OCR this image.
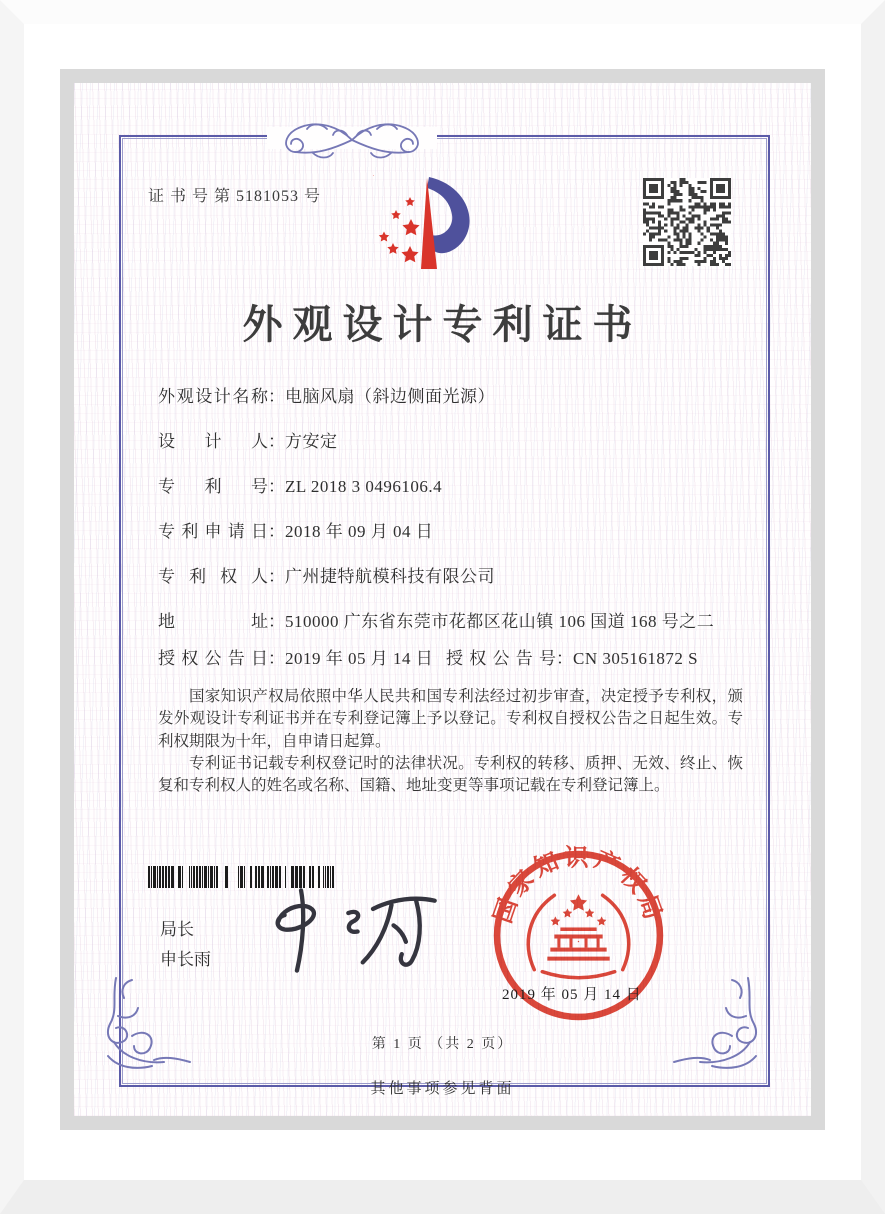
证 书 号 第 5181053 号
外观设计专利证书
外观设计名称：电脑风扇（斜边侧面光源）
设 计 人：方安定
专 利 号：ZL 2018 3 0496106.4
专利申请日：2018 年 09 月 04 日
专 利 权 人：广州捷特航模科技有限公司
地 址：510000 广东省东莞市花都区花山镇 106 国道 168 号之二
授权公告日：2019 年 05 月 14 日 授权公告号：CN 305161872 S

国家知识产权局依照中华人民共和国专利法经过初步审查，决定授予专利权，颁发外观设计专利证书并在专利登记簿上予以登记。专利权自授权公告之日起生效。专利权期限为十年，自申请日起算。

专利证书记载专利权登记时的法律状况。专利权的转移、质押、无效、终止、恢复和专利权人的姓名或名称、国籍、地址变更等事项记载在专利登记簿上。

局长
申长雨
国家知识产权局
2019 年 05 月 14 日
第 1 页 （共 2 页）
其他事项参见背面
